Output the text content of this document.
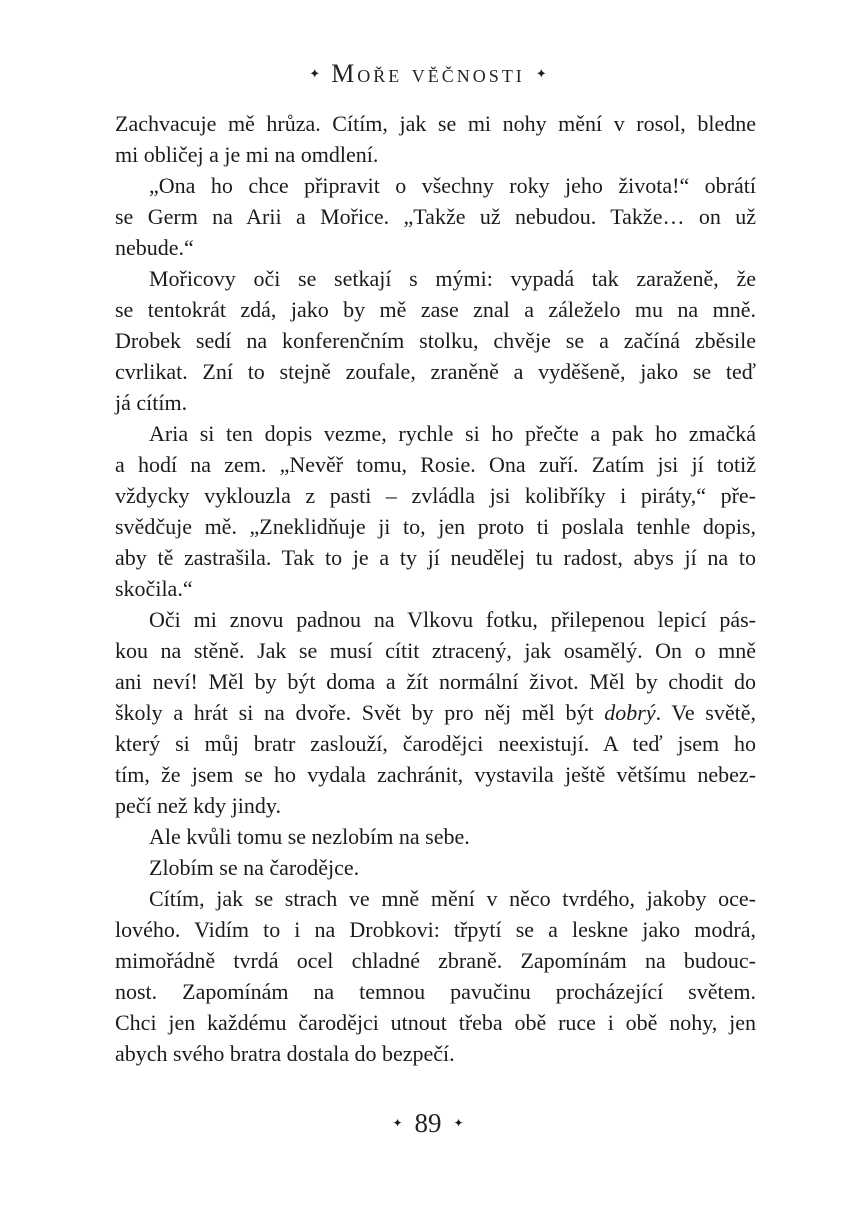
✦ Moře věčnosti ✦
Zachvacuje mě hrůza. Cítím, jak se mi nohy mění v rosol, bledne
mi obličej a je mi na omdlení.
„Ona ho chce připravit o všechny roky jeho života!“ obrátí
se Germ na Arii a Mořice. „Takže už nebudou. Takže… on už
nebude.“
Mořicovy oči se setkají s mými: vypadá tak zaraženě, že
se tentokrát zdá, jako by mě zase znal a záleželo mu na mně.
Drobek sedí na konferenčním stolku, chvěje se a začíná zběsile
cvrlikat. Zní to stejně zoufale, zraněně a vyděšeně, jako se teď
já cítím.
Aria si ten dopis vezme, rychle si ho přečte a pak ho zmačká
a hodí na zem. „Nevěř tomu, Rosie. Ona zuří. Zatím jsi jí totiž
vždycky vyklouzla z pasti – zvládla jsi kolibříky i piráty,“ pře-
svědčuje mě. „Zneklidňuje ji to, jen proto ti poslala tenhle dopis,
aby tě zastrašila. Tak to je a ty jí neudělej tu radost, abys jí na to
skočila.“
Oči mi znovu padnou na Vlkovu fotku, přilepenou lepicí pás-
kou na stěně. Jak se musí cítit ztracený, jak osamělý. On o mně
ani neví! Měl by být doma a žít normální život. Měl by chodit do
školy a hrát si na dvoře. Svět by pro něj měl být dobrý. Ve světě,
který si můj bratr zaslouží, čarodějci neexistují. A teď jsem ho
tím, že jsem se ho vydala zachránit, vystavila ještě většímu nebez-
pečí než kdy jindy.
Ale kvůli tomu se nezlobím na sebe.
Zlobím se na čarodějce.
Cítím, jak se strach ve mně mění v něco tvrdého, jakoby oce-
lového. Vidím to i na Drobkovi: třpytí se a leskne jako modrá,
mimořádně tvrdá ocel chladné zbraně. Zapomínám na budouc-
nost. Zapomínám na temnou pavučinu procházející světem.
Chci jen každému čarodějci utnout třeba obě ruce i obě nohy, jen
abych svého bratra dostala do bezpečí.
✦ 89 ✦
